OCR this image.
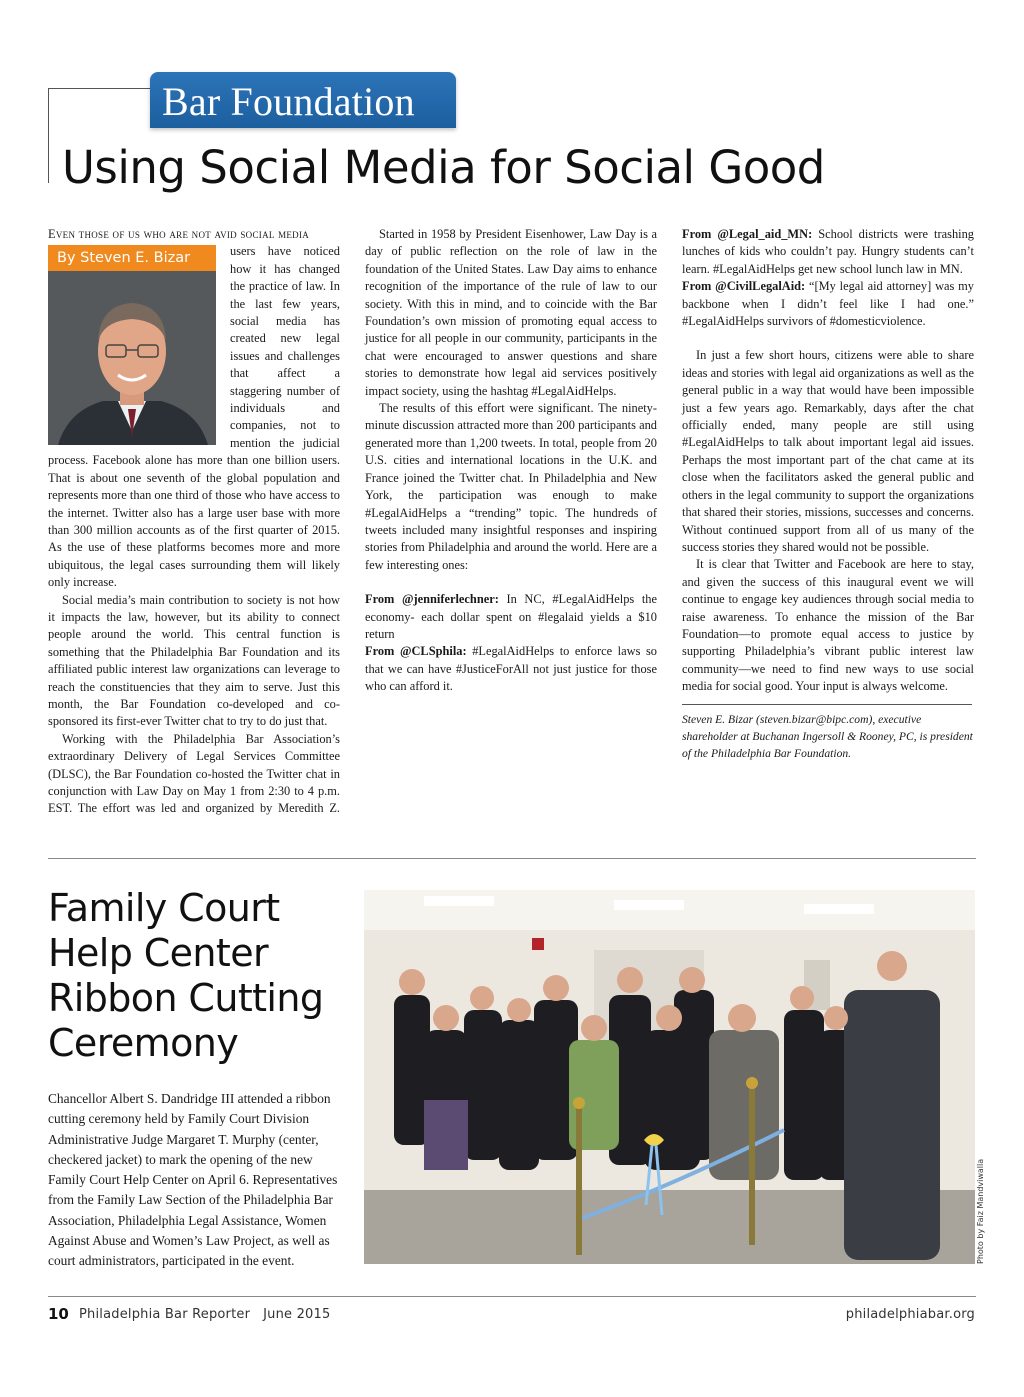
Bar Foundation
Using Social Media for Social Good

Even those of us who are not avid social media

By Steven E. Bizar	users have noticed how it has changed the practice of law. In the last few years, social media has created new legal issues and challenges that affect a staggering number of individuals and companies, not to mention the judicial process. Facebook alone has more than one billion users. That is about one seventh of the global population and represents more than one third of those who have access to the internet. Twitter also has a large user base with more than 300 million accounts as of the first quarter of 2015. As the use of these platforms becomes more and more ubiquitous, the legal cases surrounding them will likely only increase.

Social media’s main contribution to society is not how it impacts the law, however, but its ability to connect people around the world. This central function is something that the Philadelphia Bar Foundation and its affiliated public interest law organizations can leverage to reach the constituencies that they aim to serve. Just this month, the Bar Foundation co-developed and co-sponsored its first-ever Twitter chat to try to do just that.

Working with the Philadelphia Bar Association’s extraordinary Delivery of Legal Services Committee (DLSC), the Bar Foundation co-hosted the Twitter chat in conjunction with Law Day on May 1 from 2:30 to 4 p.m. EST. The effort was led and organized by Meredith Z.

Started in 1958 by President Eisenhower, Law Day is a day of public reflection on the role of law in the foundation of the United States. Law Day aims to enhance recognition of the importance of the rule of law to our society. With this in mind, and to coincide with the Bar Foundation’s own mission of promoting equal access to justice for all people in our community, participants in the chat were encouraged to answer questions and share stories to demonstrate how legal aid services positively impact society, using the hashtag #LegalAidHelps.

The results of this effort were significant. The ninety-minute discussion attracted more than 200 participants and generated more than 1,200 tweets. In total, people from 20 U.S. cities and international locations in the U.K. and France joined the Twitter chat. In Philadelphia and New York, the participation was enough to make #LegalAidHelps a “trending” topic. The hundreds of tweets included many insightful responses and inspiring stories from Philadelphia and around the world. Here are a few interesting ones:

From @jenniferlechner: In NC, #LegalAidHelps the economy- each dollar spent on #legalaid yields a $10 return

From @CLSphila: #LegalAidHelps to enforce laws so that we can have #JusticeForAll not just justice for those who can afford it.

From @Legal_aid_MN: School districts were trashing lunches of kids who couldn’t pay. Hungry students can’t learn. #LegalAidHelps get new school lunch law in MN.

From @CivilLegalAid: “[My legal aid attorney] was my backbone when I didn’t feel like I had one.” #LegalAidHelps survivors of #domesticviolence.

In just a few short hours, citizens were able to share ideas and stories with legal aid organizations as well as the general public in a way that would have been impossible just a few years ago. Remarkably, days after the chat officially ended, many people are still using #LegalAidHelps to talk about important legal aid issues. Perhaps the most important part of the chat came at its close when the facilitators asked the general public and others in the legal community to support the organizations that shared their stories, missions, successes and concerns. Without continued support from all of us many of the success stories they shared would not be possible.

It is clear that Twitter and Facebook are here to stay, and given the success of this inaugural event we will continue to engage key audiences through social media to raise awareness. To enhance the mission of the Bar Foundation—to promote equal access to justice by supporting Philadelphia’s vibrant public interest law community—we need to find new ways to use social media for social good. Your input is always welcome.

Steven E. Bizar (steven.bizar@bipc.com), executive shareholder at Buchanan Ingersoll & Rooney, PC, is president of the Philadelphia Bar Foundation.

Family Court Help Center Ribbon Cutting Ceremony
Chancellor Albert S. Dandridge III attended a ribbon cutting ceremony held by Family Court Division Administrative Judge Margaret T. Murphy (center, checkered jacket) to mark the opening of the new Family Court Help Center on April 6. Representatives from the Family Law Section of the Philadelphia Bar Association, Philadelphia Legal Assistance, Women Against Abuse and Women’s Law Project, as well as court administrators, participated in the event.	Photo by Faiz Mandviwalla
10 Philadelphia Bar Reporter   June 2015	philadelphiabar.org
